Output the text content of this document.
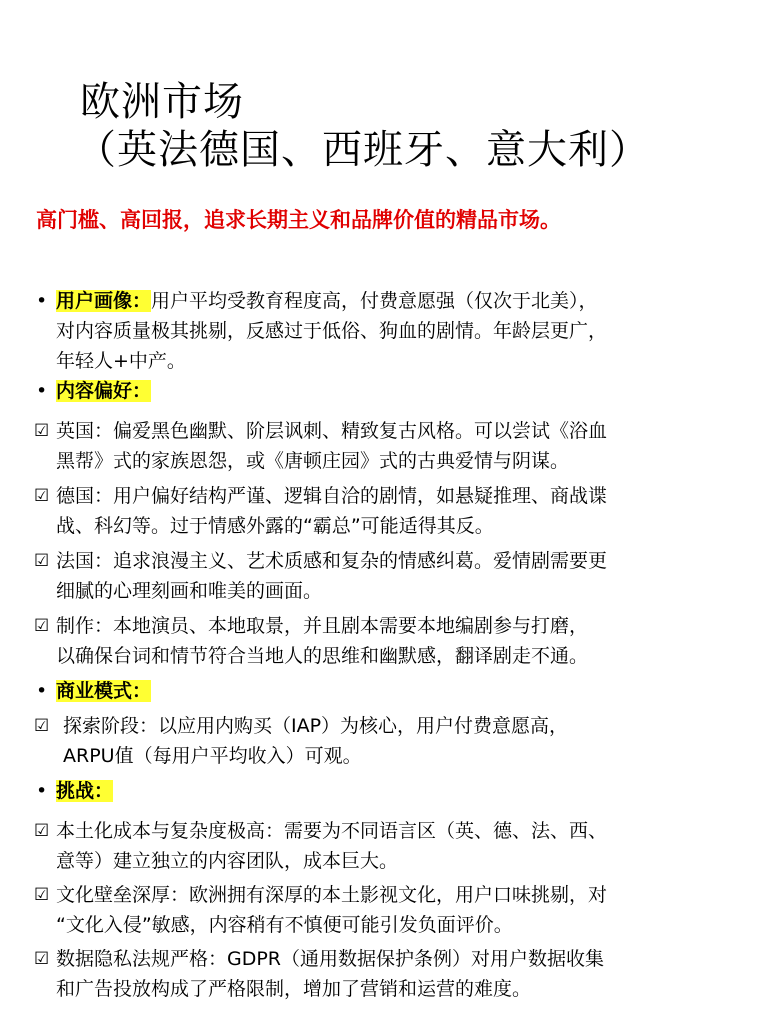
欧洲市场
（英法德国、西班牙、意大利）
高门槛、高回报，追求长期主义和品牌价值的精品市场。
• 用户画像：用户平均受教育程度高，付费意愿强（仅次于北美），
对内容质量极其挑剔，反感过于低俗、狗血的剧情。年龄层更广，
年轻人+中产。
• 内容偏好：
☑ 英国：偏爱黑色幽默、阶层讽刺、精致复古风格。可以尝试《浴血
黑帮》式的家族恩怨，或《唐顿庄园》式的古典爱情与阴谋。
☑ 德国：用户偏好结构严谨、逻辑自洽的剧情，如悬疑推理、商战谍
战、科幻等。过于情感外露的“霸总”可能适得其反。
☑ 法国：追求浪漫主义、艺术质感和复杂的情感纠葛。爱情剧需要更
细腻的心理刻画和唯美的画面。
☑ 制作：本地演员、本地取景，并且剧本需要本地编剧参与打磨，
以确保台词和情节符合当地人的思维和幽默感，翻译剧走不通。
• 商业模式：
☑ 探索阶段：以应用内购买（IAP）为核心，用户付费意愿高，
ARPU值（每用户平均收入）可观。
• 挑战：
☑ 本土化成本与复杂度极高：需要为不同语言区（英、德、法、西、
意等）建立独立的内容团队，成本巨大。
☑ 文化壁垒深厚：欧洲拥有深厚的本土影视文化，用户口味挑剔，对
“文化入侵”敏感，内容稍有不慎便可能引发负面评价。
☑ 数据隐私法规严格：GDPR（通用数据保护条例）对用户数据收集
和广告投放构成了严格限制，增加了营销和运营的难度。
